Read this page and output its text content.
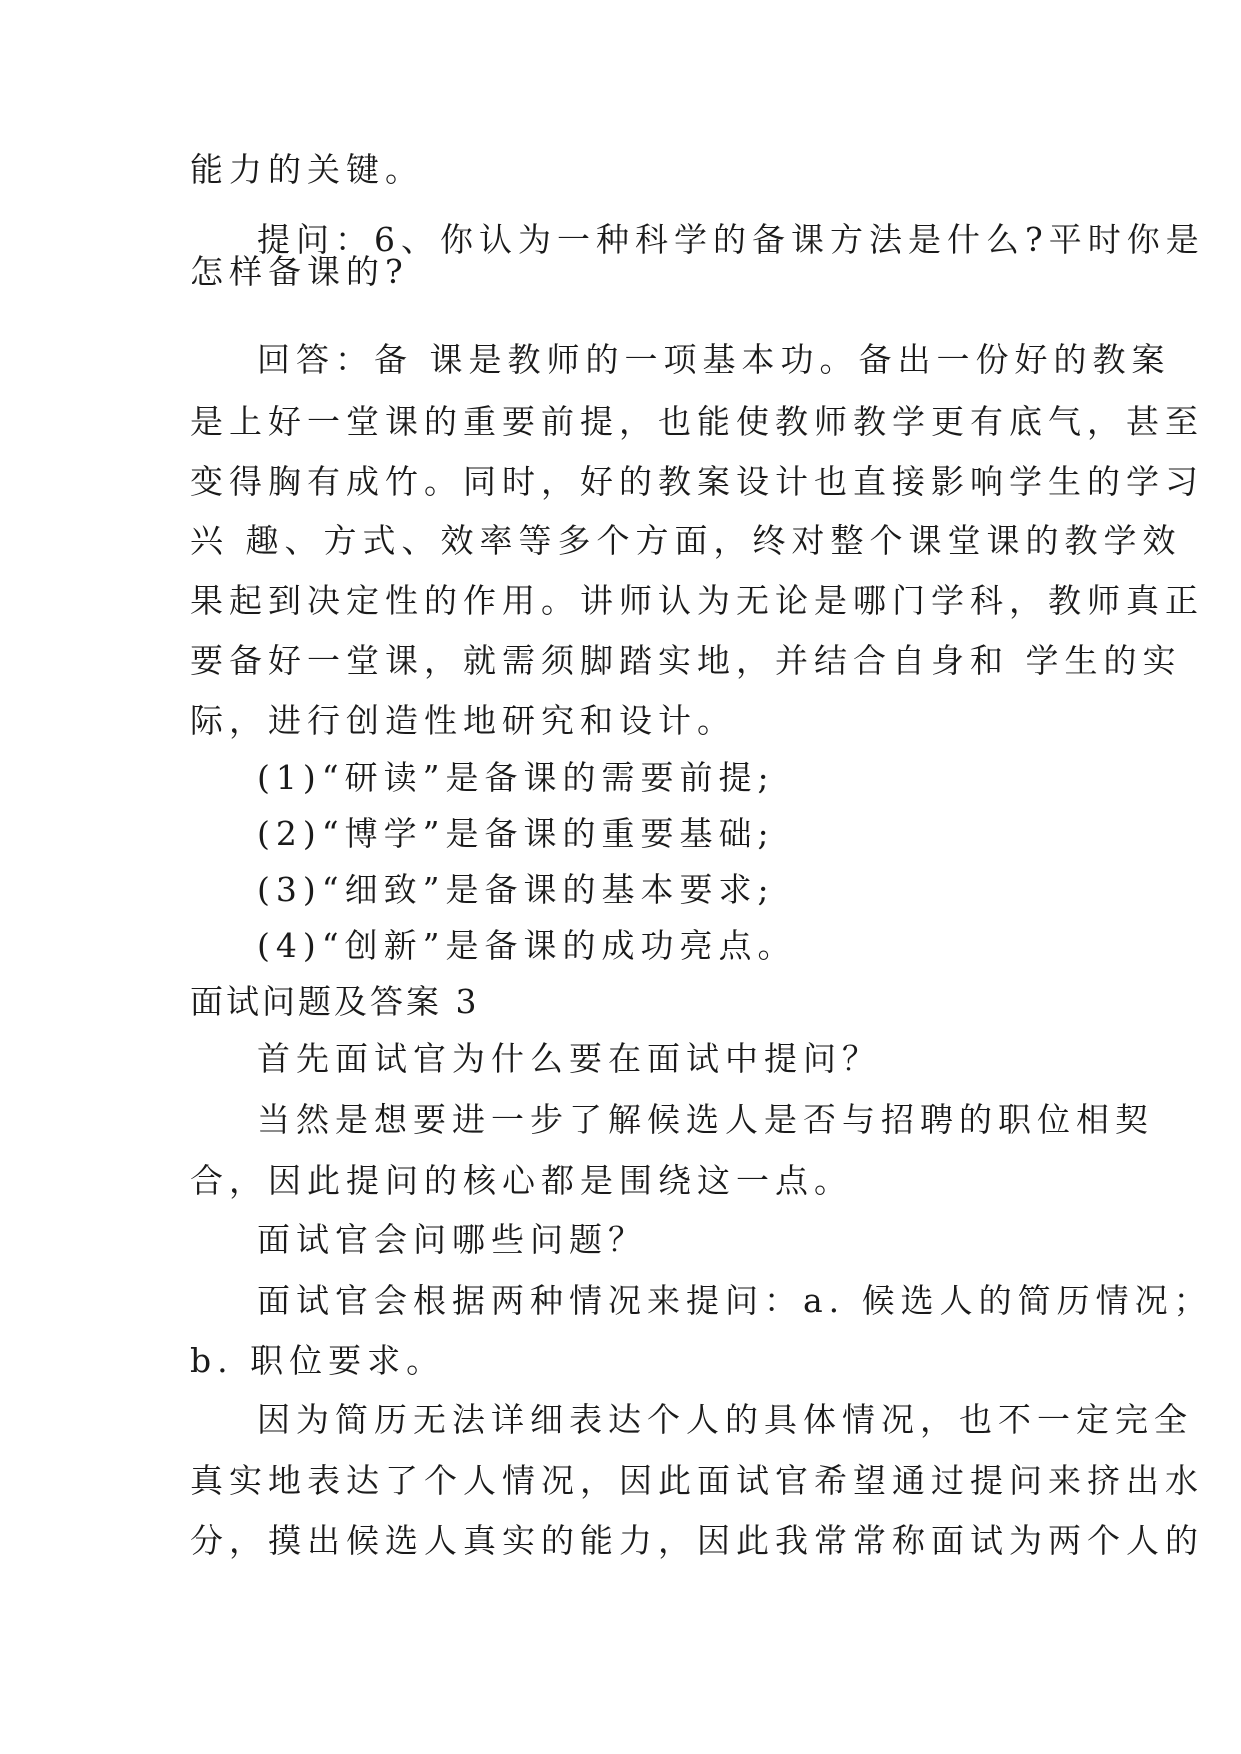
能力的关键。
提问：6、你认为一种科学的备课方法是什么?平时你是
怎样备课的?
回答：备 课是教师的一项基本功。备出一份好的教案
是上好一堂课的重要前提，也能使教师教学更有底气，甚至
变得胸有成竹。同时，好的教案设计也直接影响学生的学习
兴 趣、方式、效率等多个方面，终对整个课堂课的教学效
果起到决定性的作用。讲师认为无论是哪门学科，教师真正
要备好一堂课，就需须脚踏实地，并结合自身和 学生的实
际，进行创造性地研究和设计。
(1)“研读”是备课的需要前提;
(2)“博学”是备课的重要基础;
(3)“细致”是备课的基本要求;
(4)“创新”是备课的成功亮点。
面试问题及答案 3
首先面试官为什么要在面试中提问？
当然是想要进一步了解候选人是否与招聘的职位相契
合，因此提问的核心都是围绕这一点。
面试官会问哪些问题？
面试官会根据两种情况来提问：a. 候选人的简历情况；
b. 职位要求。
因为简历无法详细表达个人的具体情况，也不一定完全
真实地表达了个人情况，因此面试官希望通过提问来挤出水
分，摸出候选人真实的能力，因此我常常称面试为两个人的
